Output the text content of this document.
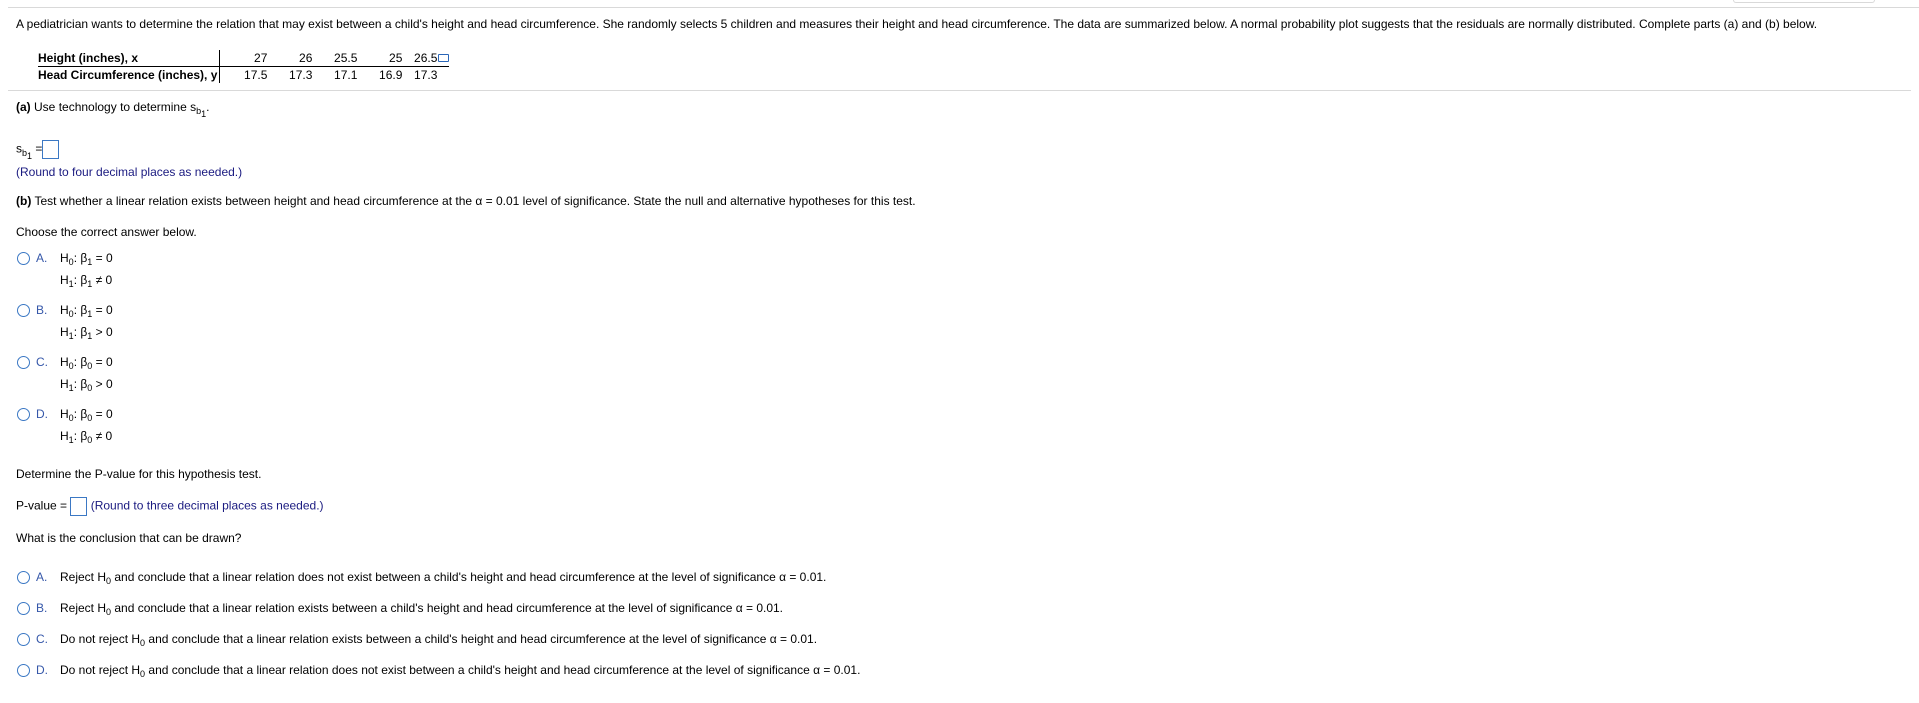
A pediatrician wants to determine the relation that may exist between a child's height and head circumference. She randomly selects 5 children and measures their height and head circumference. The data are summarized below. A normal probability plot suggests that the residuals are normally distributed. Complete parts (a) and (b) below.
Height (inches), x	27	26	25.5	25	26.5
Head Circumference (inches), y	17.5	17.3	17.1	16.9	17.3
(a) Use technology to determine $s_{b_1}$.
$s_{b_1}$ =
(Round to four decimal places as needed.)
(b) Test whether a linear relation exists between height and head circumference at the α = 0.01 level of significance. State the null and alternative hypotheses for this test.
Choose the correct answer below.
A. $H_0$: $\beta_1 = 0$
$H_1$: $\beta_1 \ne 0$
B. $H_0$: $\beta_1 = 0$
$H_1$: $\beta_1 > 0$
C. $H_0$: $\beta_0 = 0$
$H_1$: $\beta_0 > 0$
D. $H_0$: $\beta_0 = 0$
$H_1$: $\beta_0 \ne 0$
Determine the P-value for this hypothesis test.
P-value = (Round to three decimal places as needed.)
What is the conclusion that can be drawn?
A. Reject $H_0$ and conclude that a linear relation does not exist between a child's height and head circumference at the level of significance α = 0.01.
B. Reject $H_0$ and conclude that a linear relation exists between a child's height and head circumference at the level of significance α = 0.01.
C. Do not reject $H_0$ and conclude that a linear relation exists between a child's height and head circumference at the level of significance α = 0.01.
D. Do not reject $H_0$ and conclude that a linear relation does not exist between a child's height and head circumference at the level of significance α = 0.01.
